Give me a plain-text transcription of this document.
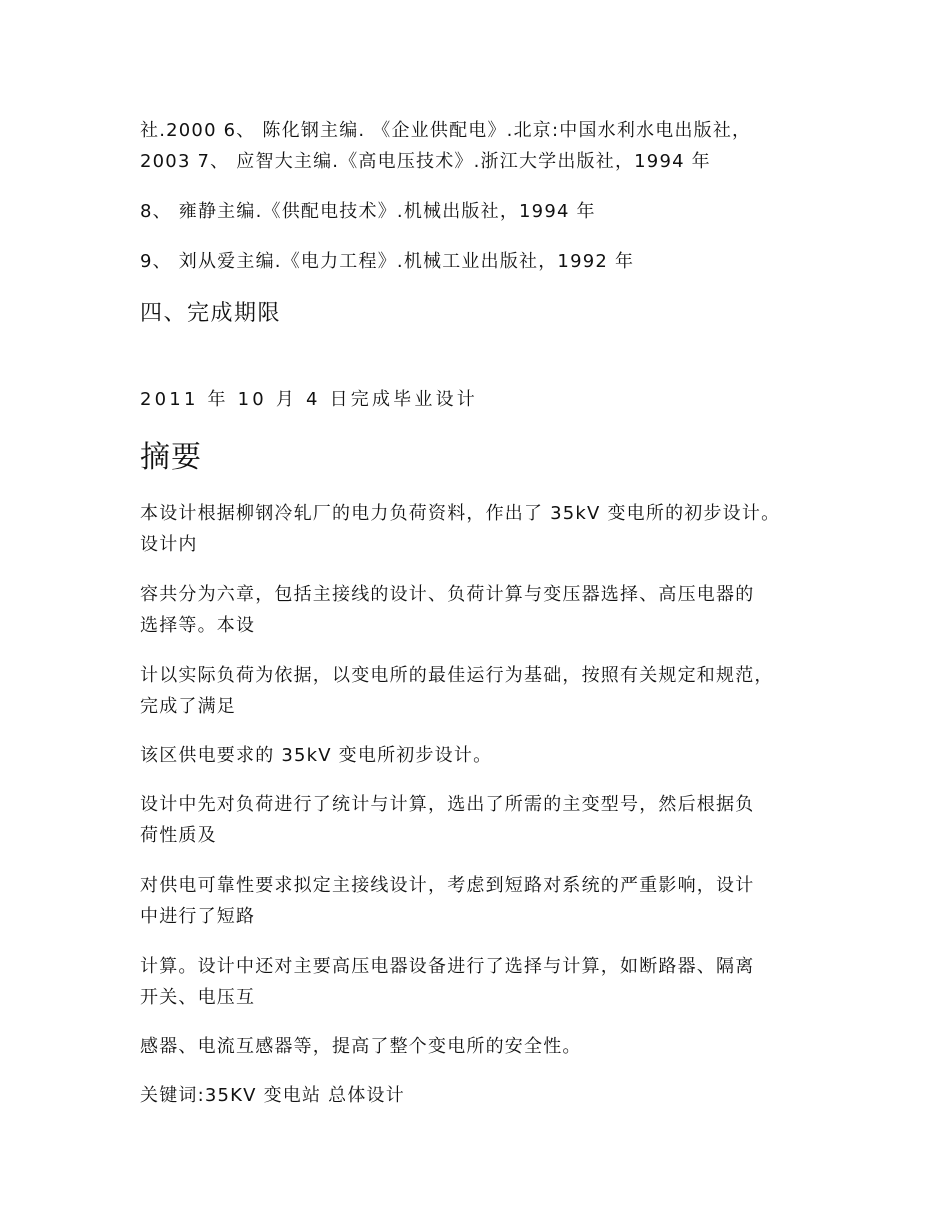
社.2000 6、 陈化钢主编. 《企业供配电》.北京:中国水利水电出版社，

2003 7、 应智大主编.《高电压技术》.浙江大学出版社，1994 年

8、 雍静主编.《供配电技术》.机械出版社，1994 年

9、 刘从爱主编.《电力工程》.机械工业出版社，1992 年

四、完成期限

2011 年 10 月 4 日完成毕业设计

摘要

本设计根据柳钢冷轧厂的电力负荷资料，作出了 35kV 变电所的初步设计。

设计内

容共分为六章，包括主接线的设计、负荷计算与变压器选择、高压电器的

选择等。本设

计以实际负荷为依据，以变电所的最佳运行为基础，按照有关规定和规范，

完成了满足

该区供电要求的 35kV 变电所初步设计。

设计中先对负荷进行了统计与计算，选出了所需的主变型号，然后根据负

荷性质及

对供电可靠性要求拟定主接线设计，考虑到短路对系统的严重影响，设计

中进行了短路

计算。设计中还对主要高压电器设备进行了选择与计算，如断路器、隔离

开关、电压互

感器、电流互感器等，提高了整个变电所的安全性。

关键词:35KV 变电站 总体设计
